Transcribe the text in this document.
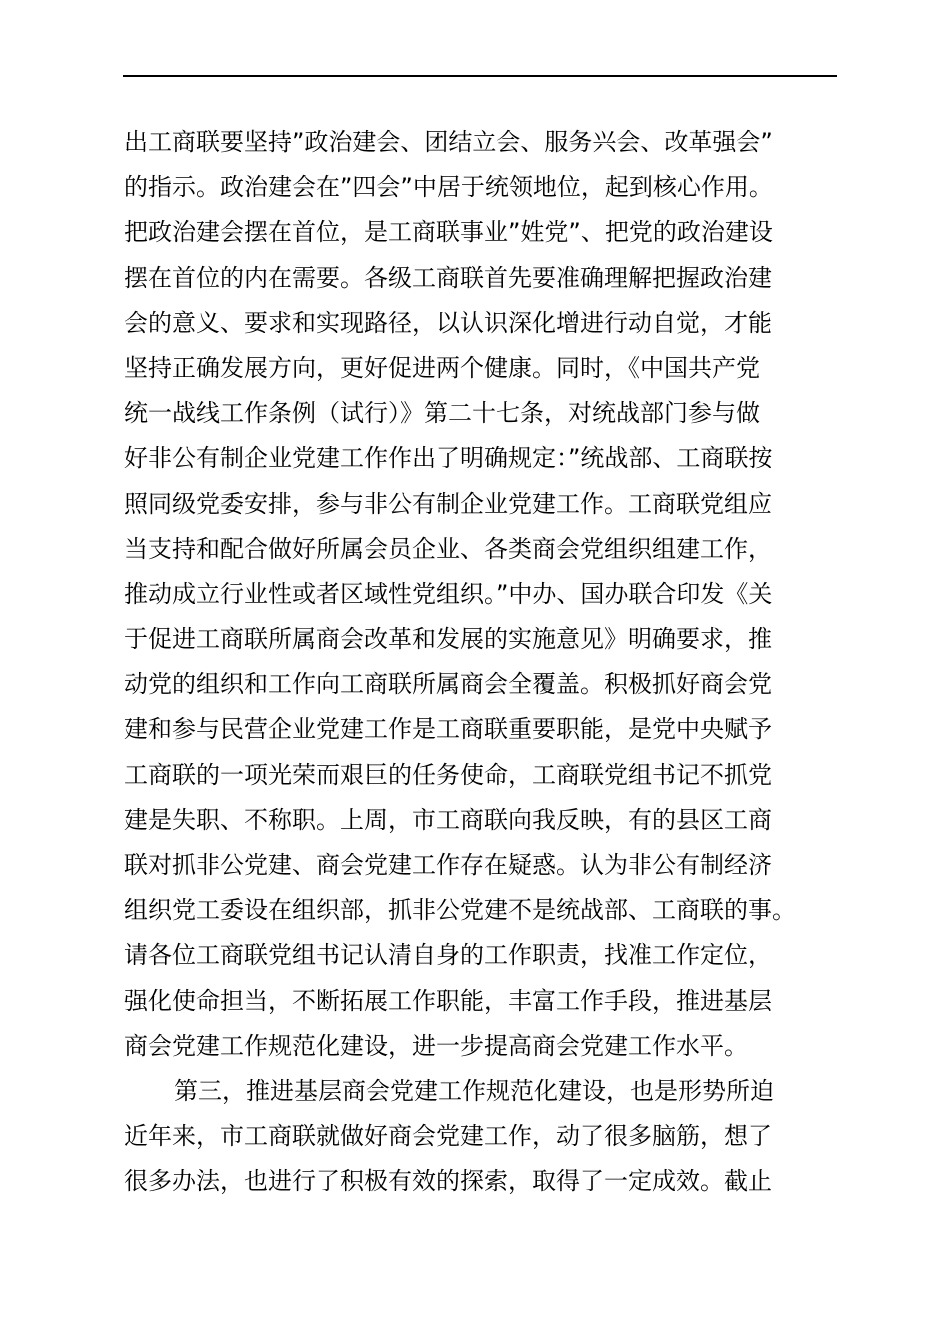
出工商联要坚持”政治建会、团结立会、服务兴会、改革强会”
的指示。政治建会在”四会”中居于统领地位，起到核心作用。
把政治建会摆在首位，是工商联事业”姓党”、把党的政治建设
摆在首位的内在需要。各级工商联首先要准确理解把握政治建
会的意义、要求和实现路径，以认识深化增进行动自觉，才能
坚持正确发展方向，更好促进两个健康。同时，《中国共产党
统一战线工作条例（试行）》第二十七条，对统战部门参与做
好非公有制企业党建工作作出了明确规定：”统战部、工商联按
照同级党委安排，参与非公有制企业党建工作。工商联党组应
当支持和配合做好所属会员企业、各类商会党组织组建工作，
推动成立行业性或者区域性党组织。”中办、国办联合印发《关
于促进工商联所属商会改革和发展的实施意见》明确要求，推
动党的组织和工作向工商联所属商会全覆盖。积极抓好商会党
建和参与民营企业党建工作是工商联重要职能，是党中央赋予
工商联的一项光荣而艰巨的任务使命，工商联党组书记不抓党
建是失职、不称职。上周，市工商联向我反映，有的县区工商
联对抓非公党建、商会党建工作存在疑惑。认为非公有制经济
组织党工委设在组织部，抓非公党建不是统战部、工商联的事。
请各位工商联党组书记认清自身的工作职责，找准工作定位，
强化使命担当，不断拓展工作职能，丰富工作手段，推进基层
商会党建工作规范化建设，进一步提高商会党建工作水平。
第三，推进基层商会党建工作规范化建设，也是形势所迫
近年来，市工商联就做好商会党建工作，动了很多脑筋，想了
很多办法，也进行了积极有效的探索，取得了一定成效。截止
